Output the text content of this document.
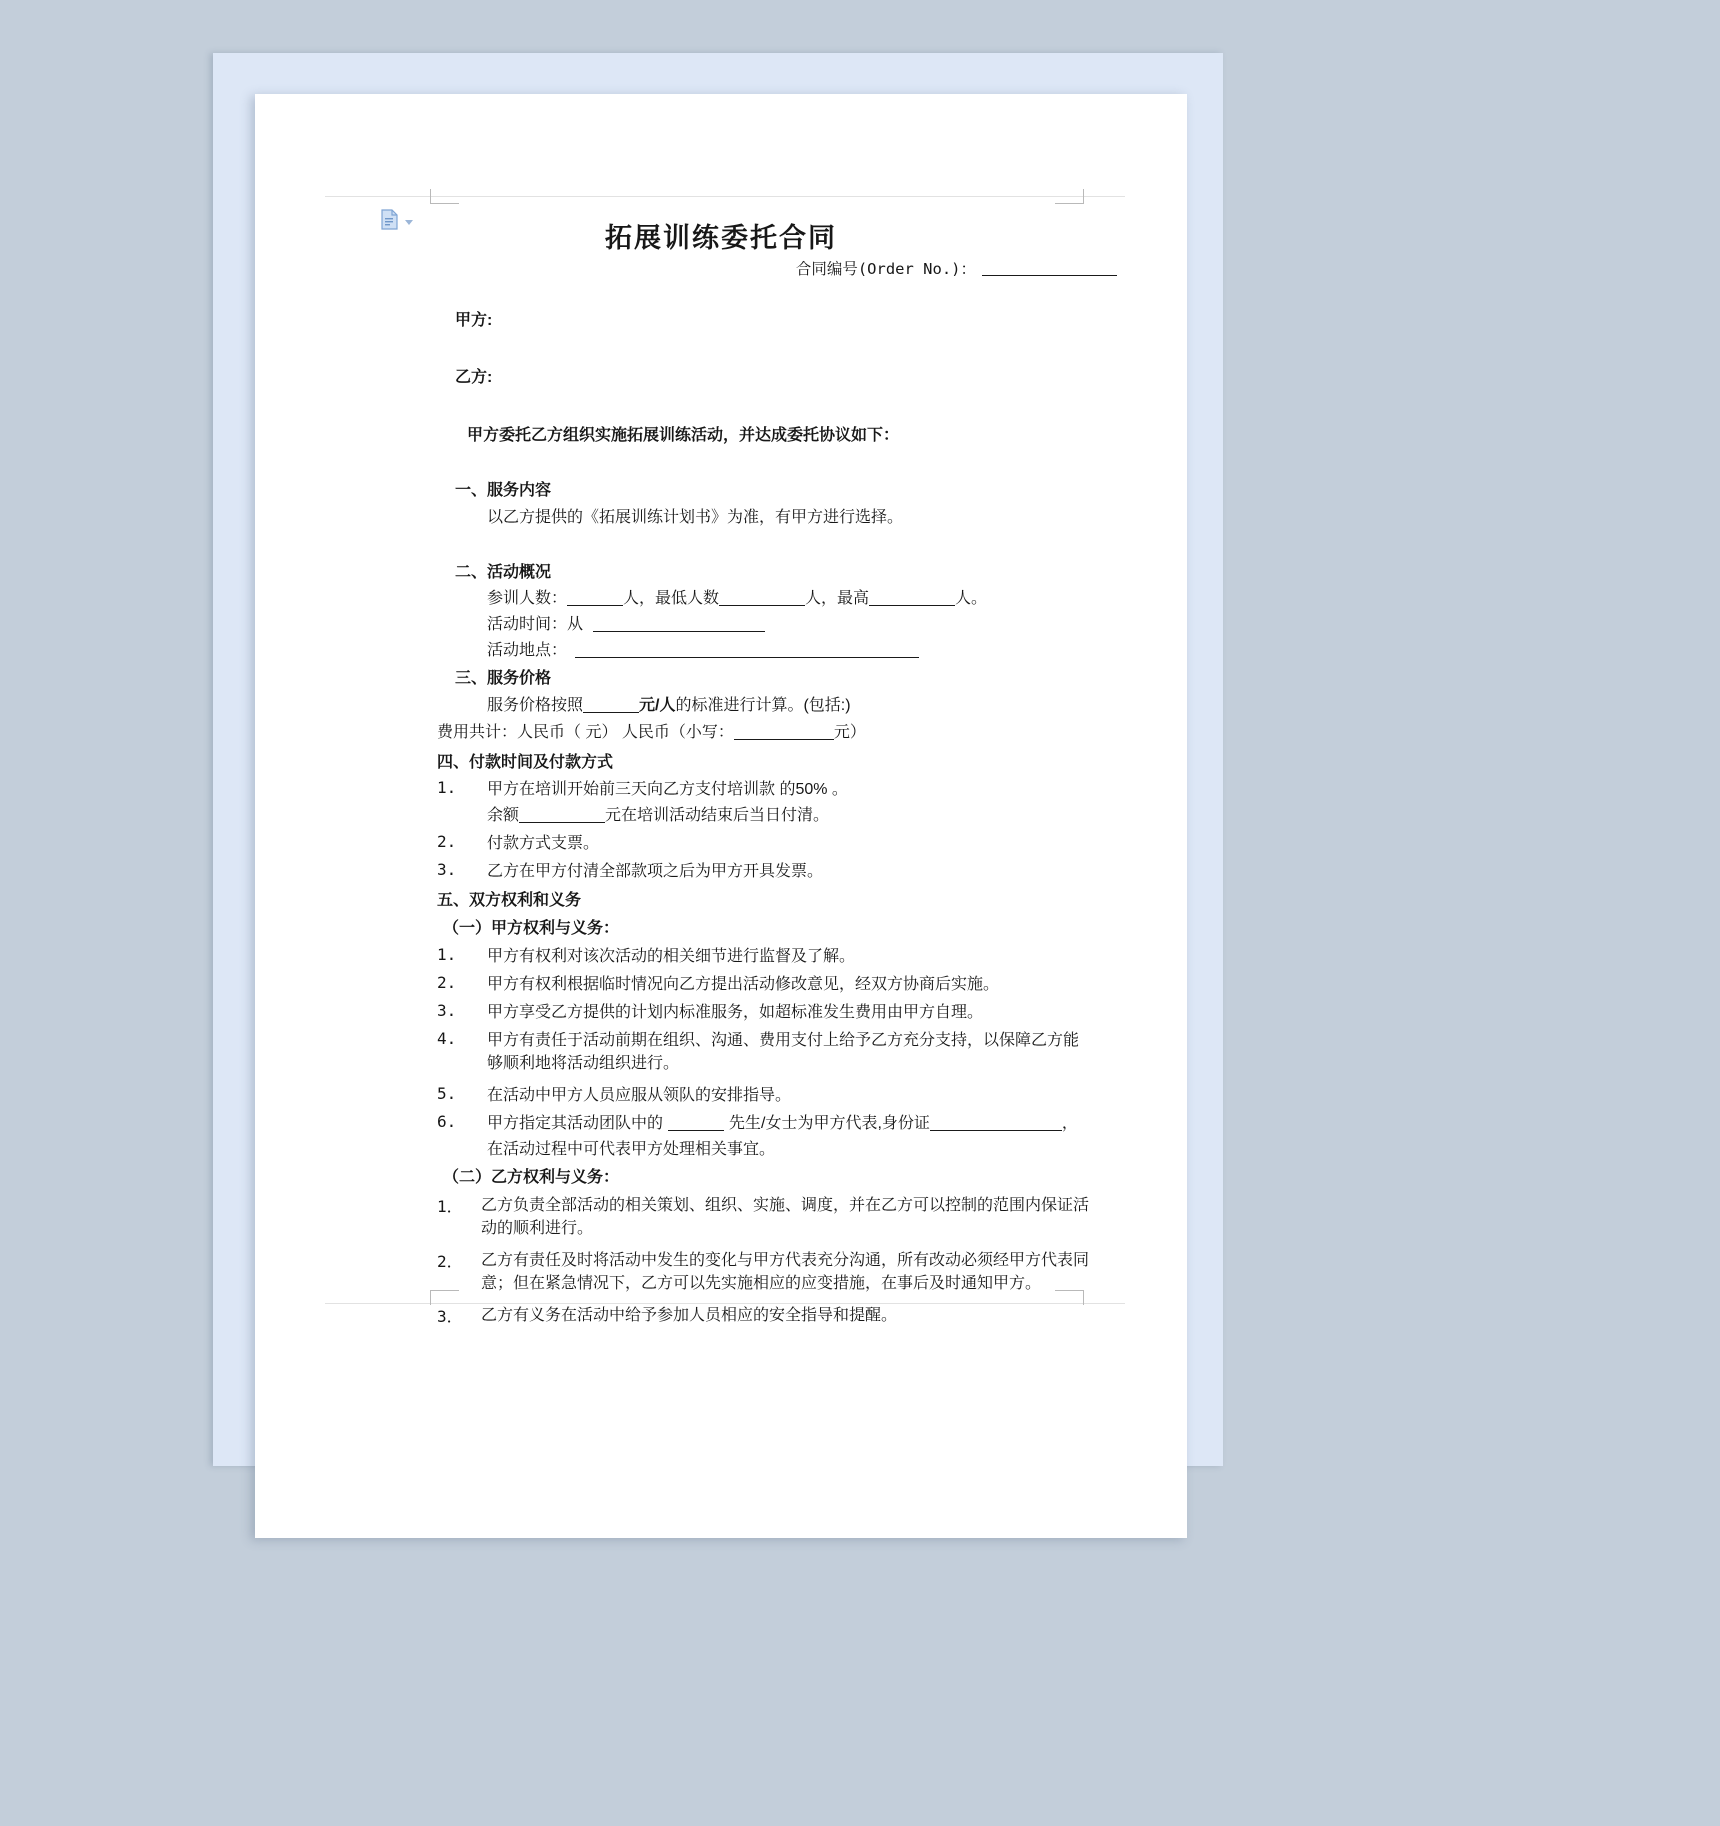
拓展训练委托合同
合同编号(Order No.)：
甲方:
乙方:
甲方委托乙方组织实施拓展训练活动，并达成委托协议如下：
一、服务内容
以乙方提供的《拓展训练计划书》为准，有甲方进行选择。
二、活动概况
参训人数：	人，最低人数	人，最高	人。
活动时间：从
活动地点：
三、服务价格
服务价格按照	元/人的标准进行计算。(包括:)
费用共计：人民币（ 元） 人民币（小写：	元）
四、付款时间及付款方式
1. 甲方在培训开始前三天向乙方支付培训款 的50% 。
余额	元在培训活动结束后当日付清。
2. 付款方式支票。
3. 乙方在甲方付清全部款项之后为甲方开具发票。
五、双方权利和义务
（一）甲方权利与义务：
1. 甲方有权利对该次活动的相关细节进行监督及了解。
2. 甲方有权利根据临时情况向乙方提出活动修改意见，经双方协商后实施。
3. 甲方享受乙方提供的计划内标准服务，如超标准发生费用由甲方自理。
4. 甲方有责任于活动前期在组织、沟通、费用支付上给予乙方充分支持，以保障乙方能够顺利地将活动组织进行。
5. 在活动中甲方人员应服从领队的安排指导。
6. 甲方指定其活动团队中的	先生/女士为甲方代表,身份证	，
在活动过程中可代表甲方处理相关事宜。
（二）乙方权利与义务：
1． 乙方负责全部活动的相关策划、组织、实施、调度，并在乙方可以控制的范围内保证活动的顺利进行。
2． 乙方有责任及时将活动中发生的变化与甲方代表充分沟通，所有改动必须经甲方代表同意；但在紧急情况下，乙方可以先实施相应的应变措施，在事后及时通知甲方。
3． 乙方有义务在活动中给予参加人员相应的安全指导和提醒。
